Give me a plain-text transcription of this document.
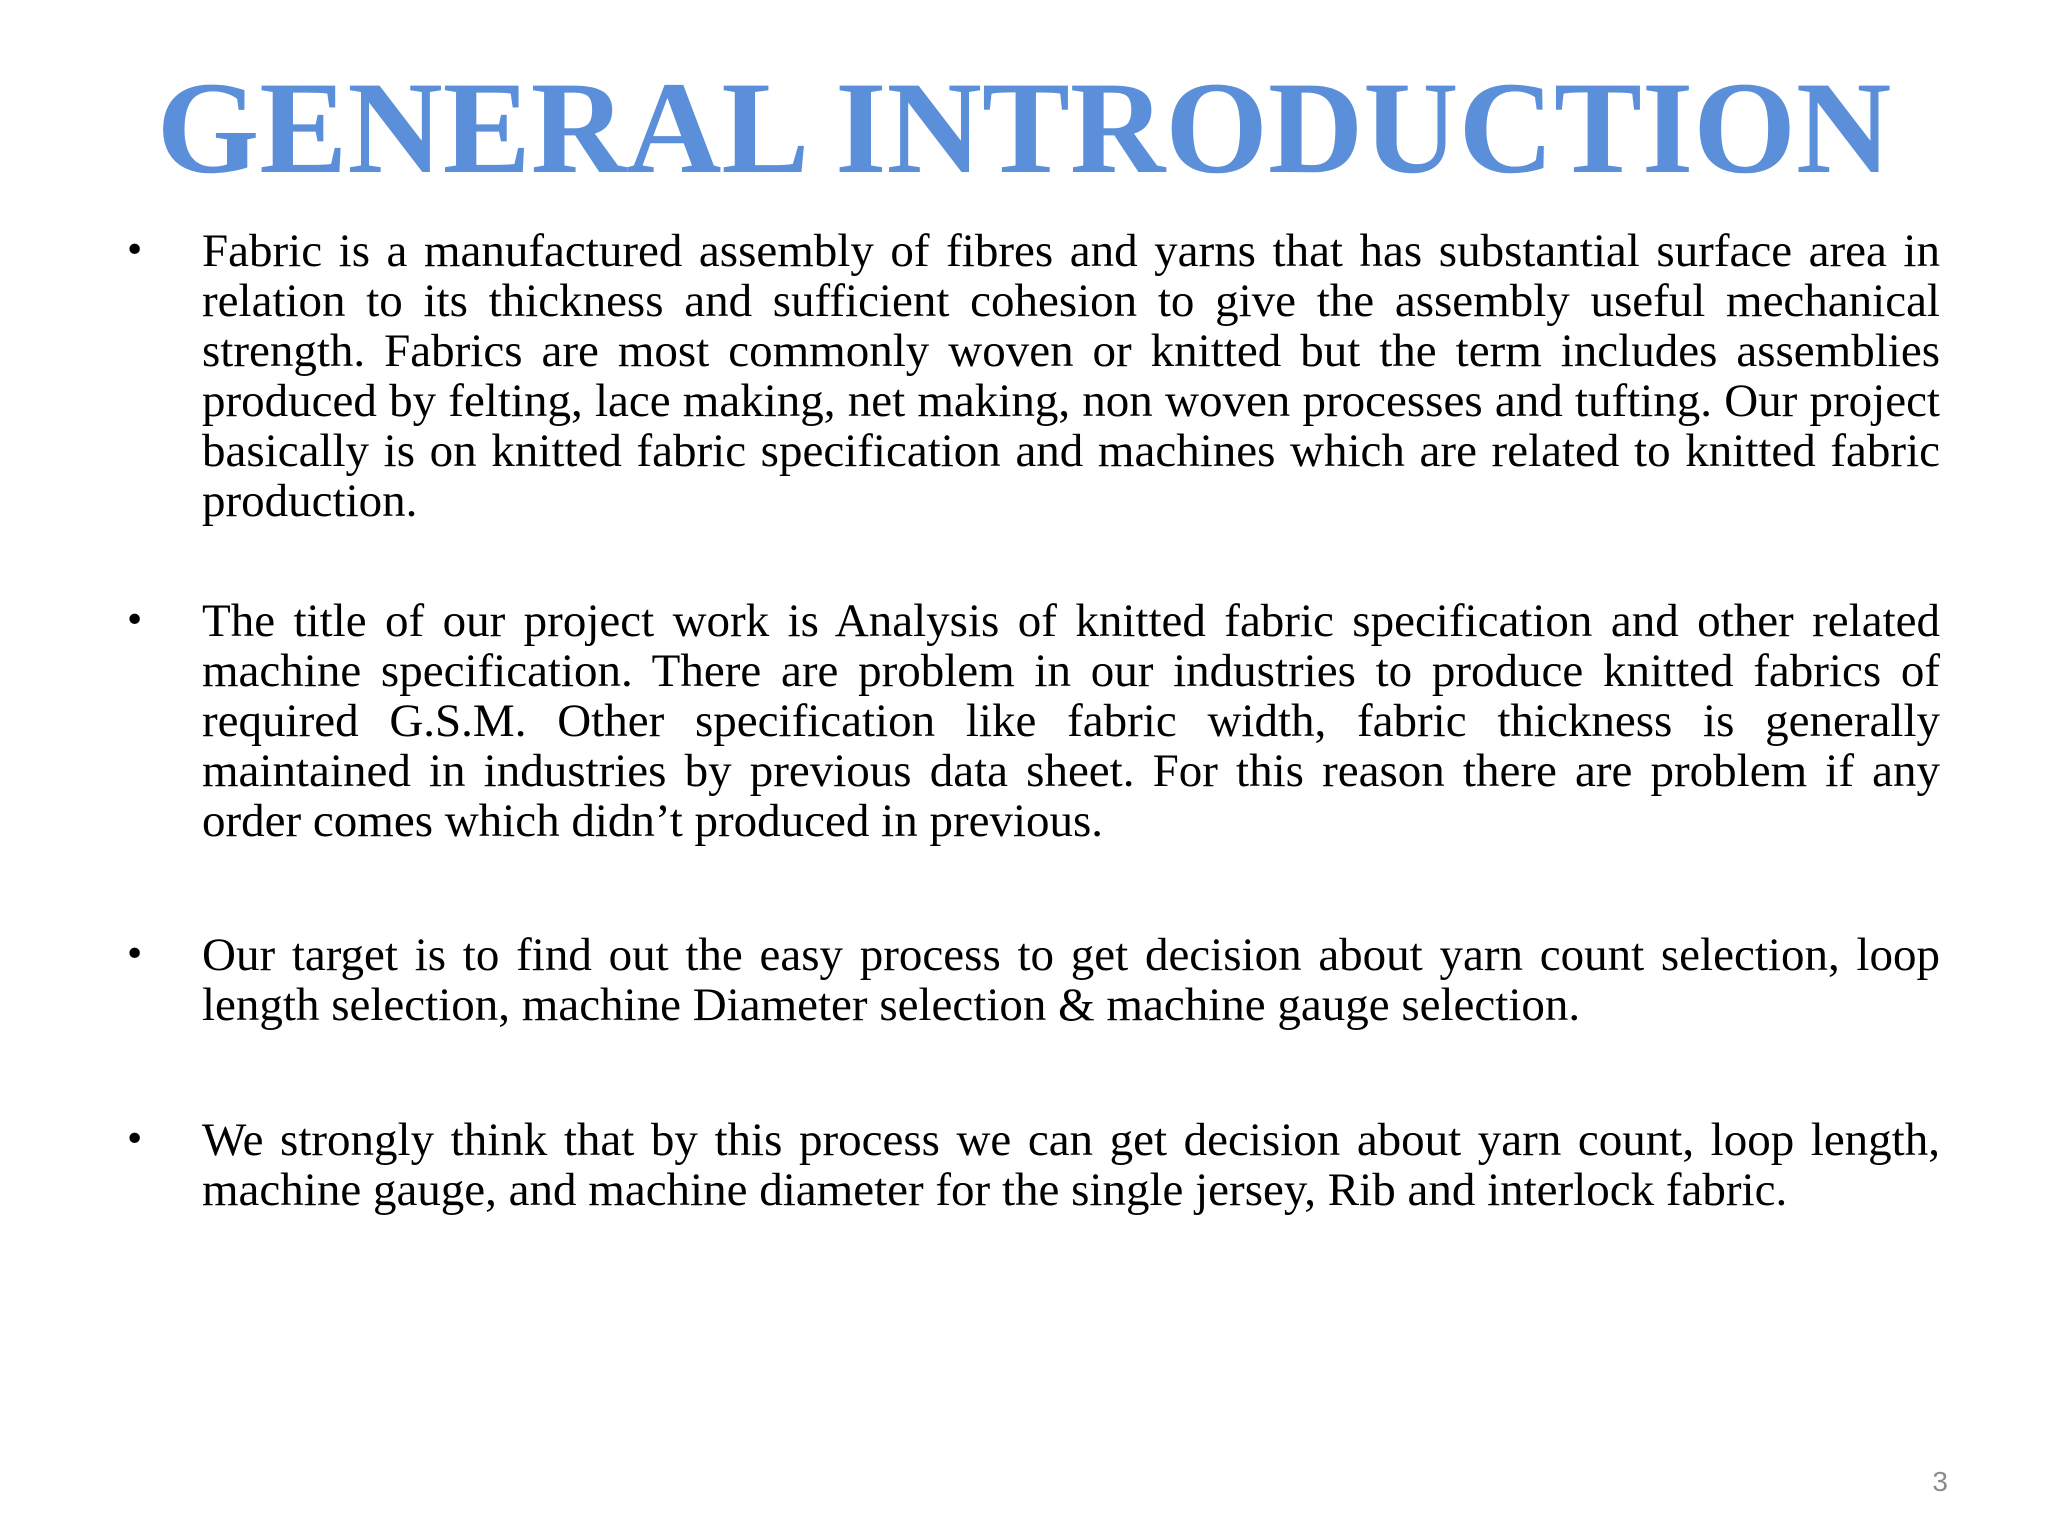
GENERAL INTRODUCTION
• Fabric is a manufactured assembly of fibres and yarns that has substantial surface area in relation to its thickness and sufficient cohesion to give the assembly useful mechanical strength. Fabrics are most commonly woven or knitted but the term includes assemblies produced by felting, lace making, net making, non woven processes and tufting. Our project basically is on knitted fabric specification and machines which are related to knitted fabric production.
• The title of our project work is Analysis of knitted fabric specification and other related machine specification. There are problem in our industries to produce knitted fabrics of required G.S.M. Other specification like fabric width, fabric thickness is generally maintained in industries by previous data sheet. For this reason there are problem if any order comes which didn’t produced in previous.
• Our target is to find out the easy process to get decision about yarn count selection, loop length selection, machine Diameter selection & machine gauge selection.
• We strongly think that by this process we can get decision about yarn count, loop length, machine gauge, and machine diameter for the single jersey, Rib and interlock fabric.
3
